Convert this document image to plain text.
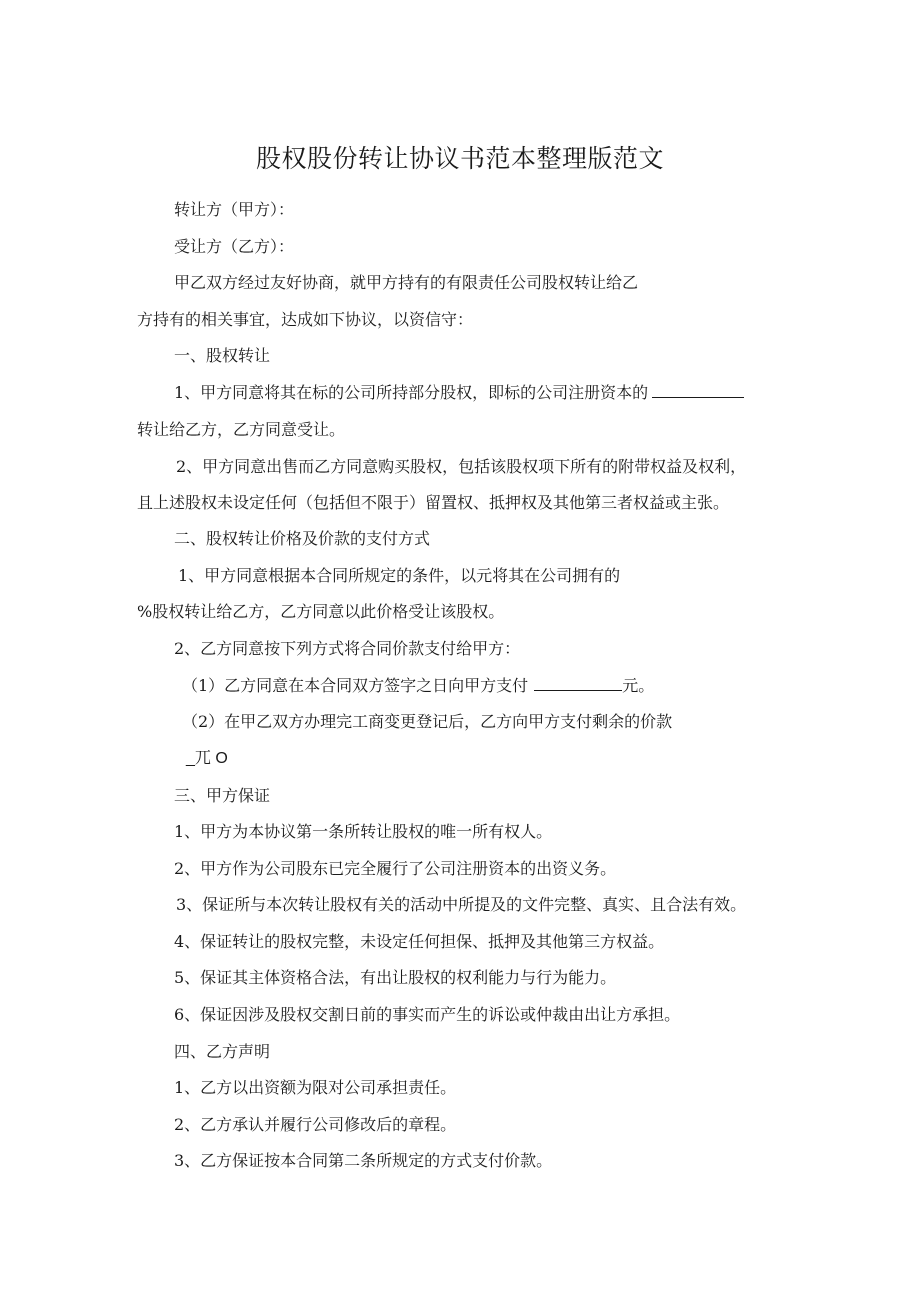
股权股份转让协议书范本整理版范文
转让方（甲方）：
受让方（乙方）：
甲乙双方经过友好协商，就甲方持有的有限责任公司股权转让给乙
方持有的相关事宜，达成如下协议，以资信守：
一、股权转让
1、甲方同意将其在标的公司所持部分股权，即标的公司注册资本的
转让给乙方，乙方同意受让。
2、甲方同意出售而乙方同意购买股权，包括该股权项下所有的附带权益及权利，
且上述股权未设定任何（包括但不限于）留置权、抵押权及其他第三者权益或主张。
二、股权转让价格及价款的支付方式
1、甲方同意根据本合同所规定的条件，以元将其在公司拥有的
%股权转让给乙方，乙方同意以此价格受让该股权。
2、乙方同意按下列方式将合同价款支付给甲方：
（1）乙方同意在本合同双方签字之日向甲方支付	元。
（2）在甲乙双方办理完工商变更登记后，乙方向甲方支付剩余的价款
_兀 O
三、甲方保证
1、甲方为本协议第一条所转让股权的唯一所有权人。
2、甲方作为公司股东已完全履行了公司注册资本的出资义务。
3、保证所与本次转让股权有关的活动中所提及的文件完整、真实、且合法有效。
4、保证转让的股权完整，未设定任何担保、抵押及其他第三方权益。
5、保证其主体资格合法，有出让股权的权利能力与行为能力。
6、保证因涉及股权交割日前的事实而产生的诉讼或仲裁由出让方承担。
四、乙方声明
1、乙方以出资额为限对公司承担责任。
2、乙方承认并履行公司修改后的章程。
3、乙方保证按本合同第二条所规定的方式支付价款。
